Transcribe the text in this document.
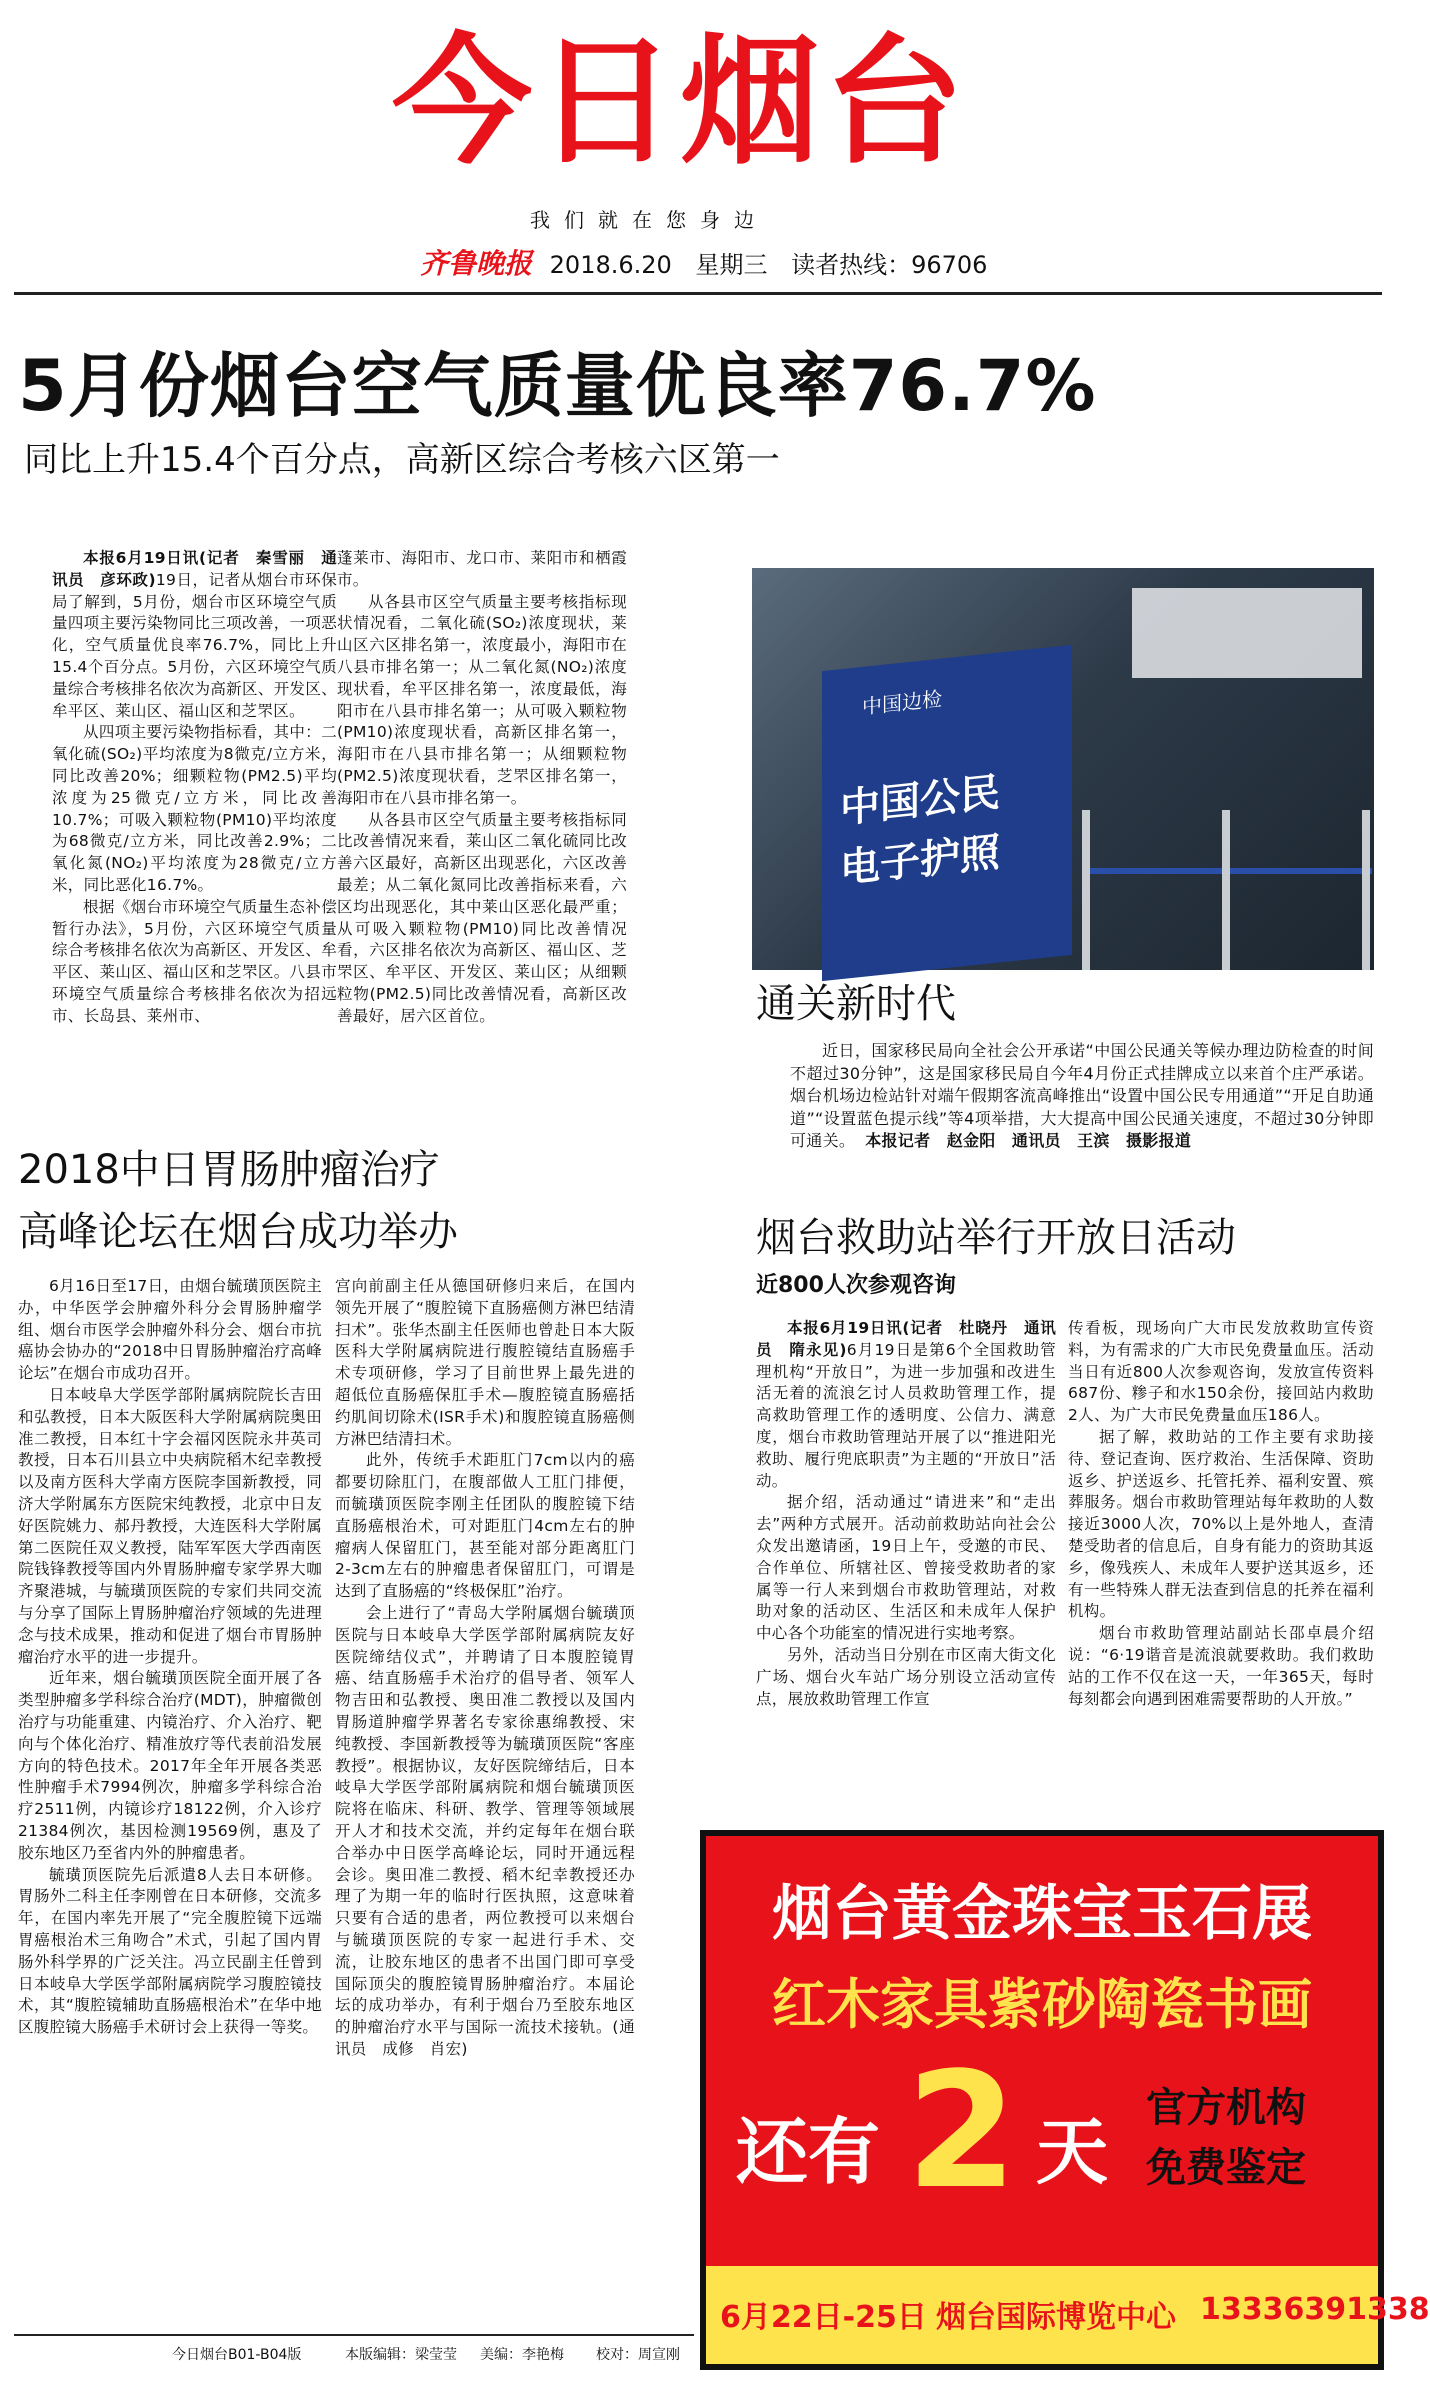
今日烟台
我们就在您身边
齐鲁晚报 2018.6.20 星期三 读者热线：96706
5月份烟台空气质量优良率76.7%
同比上升15.4个百分点，高新区综合考核六区第一

本报6月19日讯(记者　秦雪丽　通讯员　彦环政)19日，记者从烟台市环保局了解到，5月份，烟台市区环境空气质量四项主要污染物同比三项改善，一项恶化，空气质量优良率76.7%，同比上升15.4个百分点。5月份，六区环境空气质量综合考核排名依次为高新区、开发区、牟平区、莱山区、福山区和芝罘区。

从四项主要污染物指标看，其中：二氧化硫(SO₂)平均浓度为8微克/立方米，同比改善20%；细颗粒物(PM2.5)平均浓度为25微克/立方米，同比改善10.7%；可吸入颗粒物(PM10)平均浓度为68微克/立方米，同比改善2.9%；二氧化氮(NO₂)平均浓度为28微克/立方米，同比恶化16.7%。

根据《烟台市环境空气质量生态补偿暂行办法》，5月份，六区环境空气质量综合考核排名依次为高新区、开发区、牟平区、莱山区、福山区和芝罘区。八县市环境空气质量综合考核排名依次为招远市、长岛县、莱州市、

蓬莱市、海阳市、龙口市、莱阳市和栖霞市。

从各县市区空气质量主要考核指标现状情况看，二氧化硫(SO₂)浓度现状，莱山区六区排名第一，浓度最小，海阳市在八县市排名第一；从二氧化氮(NO₂)浓度现状看，牟平区排名第一，浓度最低，海阳市在八县市排名第一；从可吸入颗粒物(PM10)浓度现状看，高新区排名第一，海阳市在八县市排名第一；从细颗粒物(PM2.5)浓度现状看，芝罘区排名第一，海阳市在八县市排名第一。

从各县市区空气质量主要考核指标同比改善情况来看，莱山区二氧化硫同比改善六区最好，高新区出现恶化，六区改善最差；从二氧化氮同比改善指标来看，六区均出现恶化，其中莱山区恶化最严重；从可吸入颗粒物(PM10)同比改善情况看，六区排名依次为高新区、福山区、芝罘区、牟平区、开发区、莱山区；从细颗粒物(PM2.5)同比改善情况看，高新区改善最好，居六区首位。

中国边检
中国公民
电子护照
通关新时代

近日，国家移民局向全社会公开承诺“中国公民通关等候办理边防检查的时间不超过30分钟”，这是国家移民局自今年4月份正式挂牌成立以来首个庄严承诺。烟台机场边检站针对端午假期客流高峰推出“设置中国公民专用通道”“开足自助通道”“设置蓝色提示线”等4项举措，大大提高中国公民通关速度，不超过30分钟即可通关。 本报记者　赵金阳　通讯员　王滨　摄影报道

2018中日胃肠肿瘤治疗
高峰论坛在烟台成功举办

6月16日至17日，由烟台毓璜顶医院主办，中华医学会肿瘤外科分会胃肠肿瘤学组、烟台市医学会肿瘤外科分会、烟台市抗癌协会协办的“2018中日胃肠肿瘤治疗高峰论坛”在烟台市成功召开。

日本岐阜大学医学部附属病院院长吉田和弘教授，日本大阪医科大学附属病院奥田准二教授，日本红十字会福冈医院永井英司教授，日本石川县立中央病院稻木纪幸教授以及南方医科大学南方医院李国新教授，同济大学附属东方医院宋纯教授，北京中日友好医院姚力、郝丹教授，大连医科大学附属第二医院任双义教授，陆军军医大学西南医院钱锋教授等国内外胃肠肿瘤专家学界大咖齐聚港城，与毓璜顶医院的专家们共同交流与分享了国际上胃肠肿瘤治疗领域的先进理念与技术成果，推动和促进了烟台市胃肠肿瘤治疗水平的进一步提升。

近年来，烟台毓璜顶医院全面开展了各类型肿瘤多学科综合治疗(MDT)，肿瘤微创治疗与功能重建、内镜治疗、介入治疗、靶向与个体化治疗、精准放疗等代表前沿发展方向的特色技术。2017年全年开展各类恶性肿瘤手术7994例次，肿瘤多学科综合治疗2511例，内镜诊疗18122例，介入诊疗21384例次，基因检测19569例，惠及了胶东地区乃至省内外的肿瘤患者。

毓璜顶医院先后派遣8人去日本研修。胃肠外二科主任李刚曾在日本研修，交流多年，在国内率先开展了“完全腹腔镜下远端胃癌根治术三角吻合”术式，引起了国内胃肠外科学界的广泛关注。冯立民副主任曾到日本岐阜大学医学部附属病院学习腹腔镜技术，其“腹腔镜辅助直肠癌根治术”在华中地区腹腔镜大肠癌手术研讨会上获得一等奖。

宫向前副主任从德国研修归来后，在国内领先开展了“腹腔镜下直肠癌侧方淋巴结清扫术”。张华杰副主任医师也曾赴日本大阪医科大学附属病院进行腹腔镜结直肠癌手术专项研修，学习了目前世界上最先进的超低位直肠癌保肛手术—腹腔镜直肠癌括约肌间切除术(ISR手术)和腹腔镜直肠癌侧方淋巴结清扫术。

此外，传统手术距肛门7cm以内的癌都要切除肛门，在腹部做人工肛门排便，而毓璜顶医院李刚主任团队的腹腔镜下结直肠癌根治术，可对距肛门4cm左右的肿瘤病人保留肛门，甚至能对部分距离肛门2-3cm左右的肿瘤患者保留肛门，可谓是达到了直肠癌的“终极保肛”治疗。

会上进行了“青岛大学附属烟台毓璜顶医院与日本岐阜大学医学部附属病院友好医院缔结仪式”，并聘请了日本腹腔镜胃癌、结直肠癌手术治疗的倡导者、领军人物吉田和弘教授、奥田准二教授以及国内胃肠道肿瘤学界著名专家徐惠绵教授、宋纯教授、李国新教授等为毓璜顶医院“客座教授”。根据协议，友好医院缔结后，日本岐阜大学医学部附属病院和烟台毓璜顶医院将在临床、科研、教学、管理等领域展开人才和技术交流，并约定每年在烟台联合举办中日医学高峰论坛，同时开通远程会诊。奥田准二教授、稻木纪幸教授还办理了为期一年的临时行医执照，这意味着只要有合适的患者，两位教授可以来烟台与毓璜顶医院的专家一起进行手术、交流，让胶东地区的患者不出国门即可享受国际顶尖的腹腔镜胃肠肿瘤治疗。本届论坛的成功举办，有利于烟台乃至胶东地区的肿瘤治疗水平与国际一流技术接轨。(通讯员　成修　肖宏)

烟台救助站举行开放日活动
近800人次参观咨询

本报6月19日讯(记者　杜晓丹　通讯员　隋永见)6月19日是第6个全国救助管理机构“开放日”，为进一步加强和改进生活无着的流浪乞讨人员救助管理工作，提高救助管理工作的透明度、公信力、满意度，烟台市救助管理站开展了以“推进阳光救助、履行兜底职责”为主题的“开放日”活动。

据介绍，活动通过“请进来”和“走出去”两种方式展开。活动前救助站向社会公众发出邀请函，19日上午，受邀的市民、合作单位、所辖社区、曾接受救助者的家属等一行人来到烟台市救助管理站，对救助对象的活动区、生活区和未成年人保护中心各个功能室的情况进行实地考察。

另外，活动当日分别在市区南大街文化广场、烟台火车站广场分别设立活动宣传点，展放救助管理工作宣

传看板，现场向广大市民发放救助宣传资料，为有需求的广大市民免费量血压。活动当日有近800人次参观咨询，发放宣传资料687份、糁子和水150余份，接回站内救助2人、为广大市民免费量血压186人。

据了解，救助站的工作主要有求助接待、登记查询、医疗救治、生活保障、资助返乡、护送返乡、托管托养、福利安置、殡葬服务。烟台市救助管理站每年救助的人数接近3000人次，70%以上是外地人，查清楚受助者的信息后，自身有能力的资助其返乡，像残疾人、未成年人要护送其返乡，还有一些特殊人群无法查到信息的托养在福利机构。

烟台市救助管理站副站长邵卓晨介绍说：“6·19谐音是流浪就要救助。我们救助站的工作不仅在这一天，一年365天，每时每刻都会向遇到困难需要帮助的人开放。”

烟台黄金珠宝玉石展
红木家具紫砂陶瓷书画
还有 2 天
官方机构
免费鉴定
6月22日-25日 烟台国际博览中心 13336391338
今日烟台B01-B04版	本版编辑：梁莹莹 美编：李艳梅 校对：周宣刚
